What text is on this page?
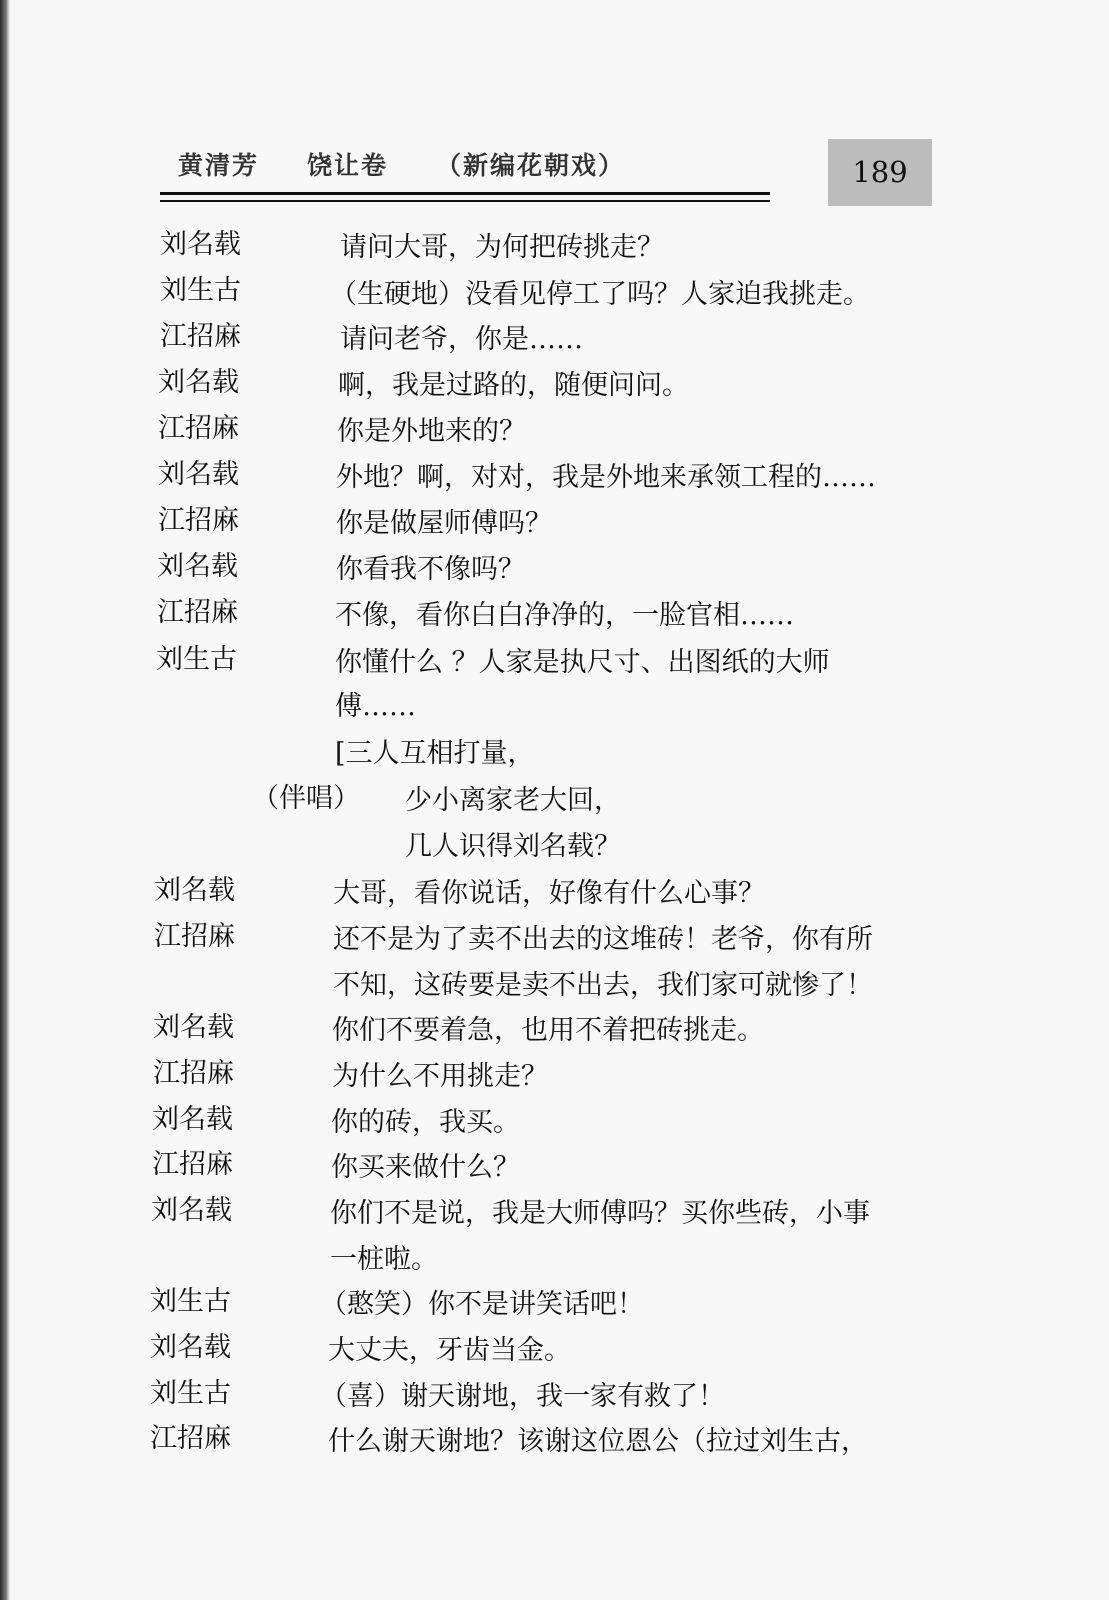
黄清芳 饶让卷 （新编花朝戏）	189
刘名载	请问大哥，为何把砖挑走？
刘生古	（生硬地）没看见停工了吗？人家迫我挑走。
江招麻	请问老爷，你是……
刘名载	啊，我是过路的，随便问问。
江招麻	你是外地来的？
刘名载	外地？啊，对对，我是外地来承领工程的……
江招麻	你是做屋师傅吗？
刘名载	你看我不像吗？
江招麻	不像，看你白白净净的，一脸官相……
刘生古	你懂什么 ？人家是执尺寸、出图纸的大师
傅……
[三人互相打量，
（伴唱） 少小离家老大回，
几人识得刘名载？
刘名载	大哥，看你说话，好像有什么心事？
江招麻	还不是为了卖不出去的这堆砖！老爷，你有所
不知，这砖要是卖不出去，我们家可就惨了！
刘名载	你们不要着急，也用不着把砖挑走。
江招麻	为什么不用挑走？
刘名载	你的砖，我买。
江招麻	你买来做什么？
刘名载	你们不是说，我是大师傅吗？买你些砖，小事
一桩啦。
刘生古	（憨笑）你不是讲笑话吧！
刘名载	大丈夫，牙齿当金。
刘生古	（喜）谢天谢地，我一家有救了！
江招麻	什么谢天谢地？该谢这位恩公（拉过刘生古，
